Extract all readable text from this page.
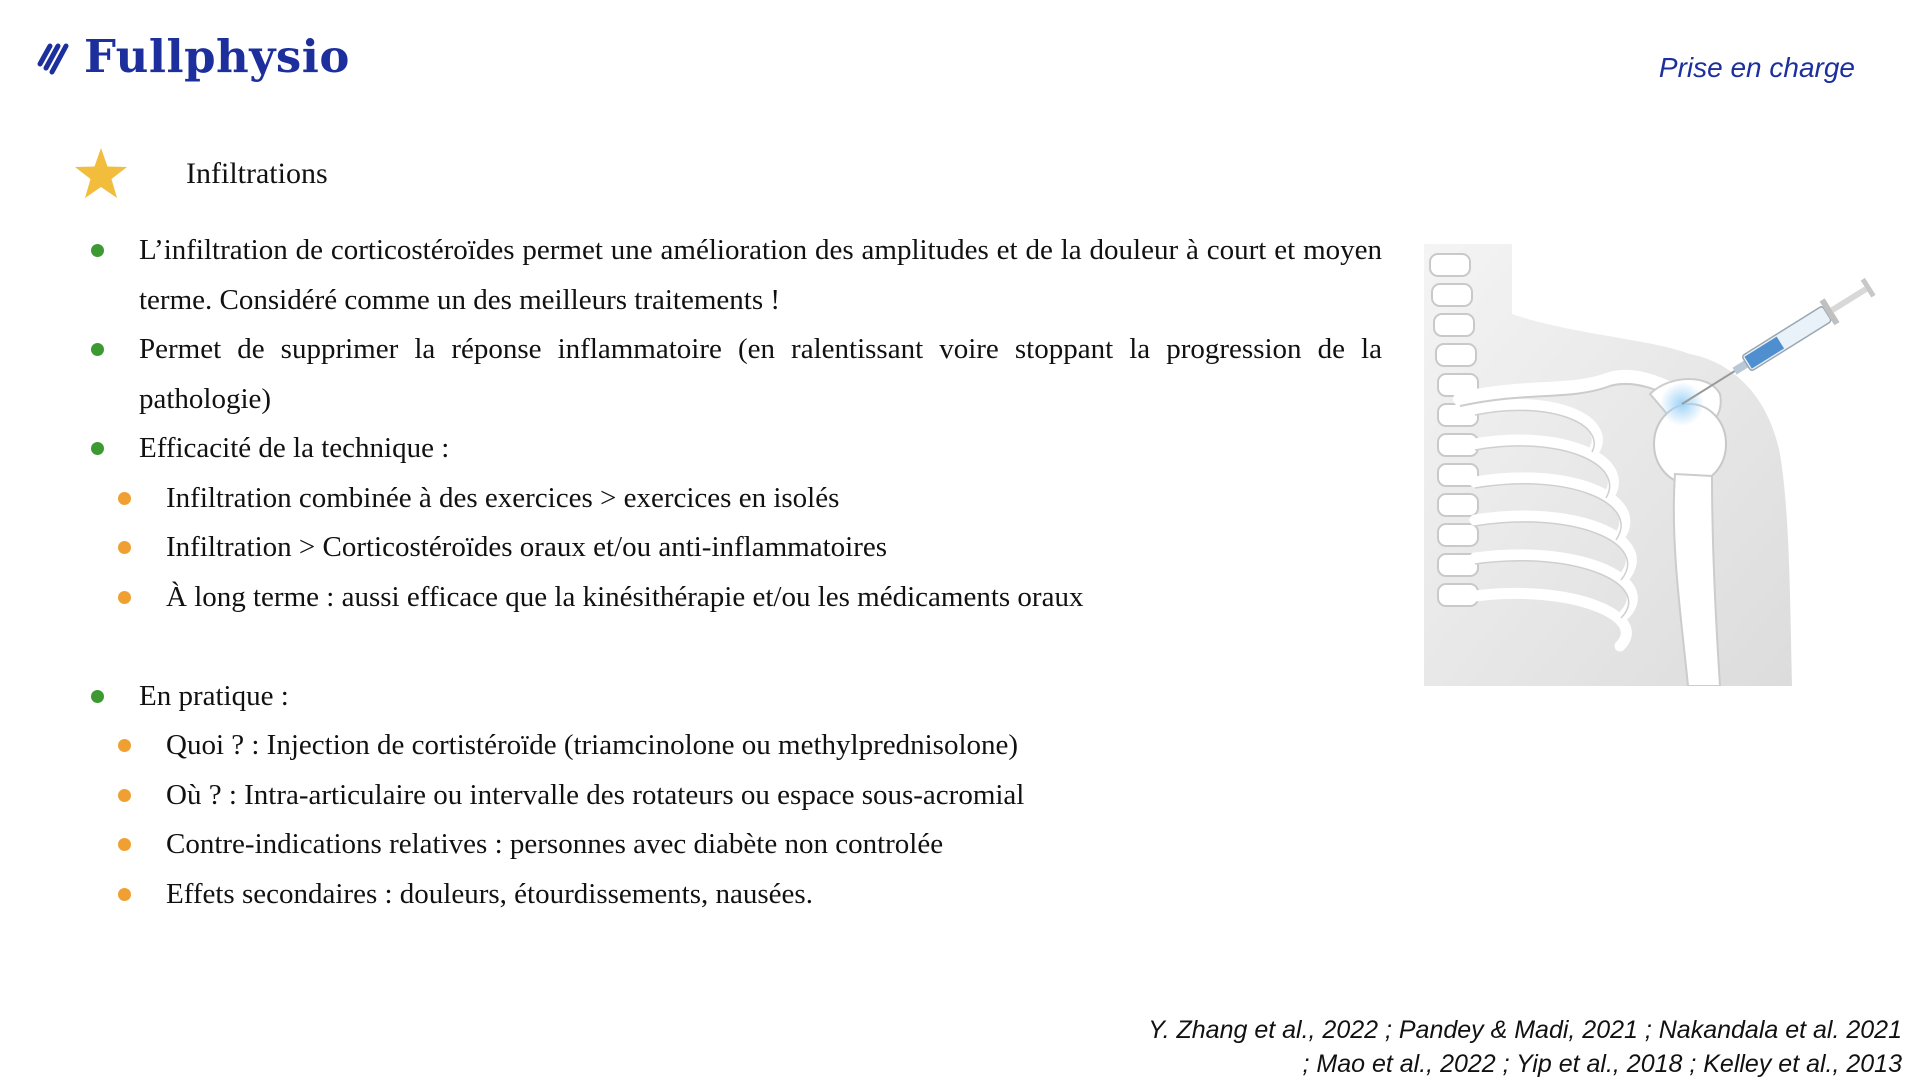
Fullphysio	Prise en charge
Infiltrations
L’infiltration de corticostéroïdes permet une amélioration des amplitudes et de la douleur à court et moyen terme. Considéré comme un des meilleurs traitements !
Permet de supprimer la réponse inflammatoire (en ralentissant voire stoppant la progression de la pathologie)
Efficacité de la technique :
Infiltration combinée à des exercices > exercices en isolés
Infiltration > Corticostéroïdes oraux et/ou anti-inflammatoires
À long terme : aussi efficace que la kinésithérapie et/ou les médicaments oraux
En pratique :
Quoi ? : Injection de cortistéroïde (triamcinolone ou methylprednisolone)
Où ? : Intra-articulaire ou intervalle des rotateurs ou espace sous-acromial
Contre-indications relatives : personnes avec diabète non controlée
Effets secondaires : douleurs, étourdissements, nausées.
Y. Zhang et al., 2022 ; Pandey & Madi, 2021 ; Nakandala et al. 2021
; Mao et al., 2022 ; Yip et al., 2018 ; Kelley et al., 2013
